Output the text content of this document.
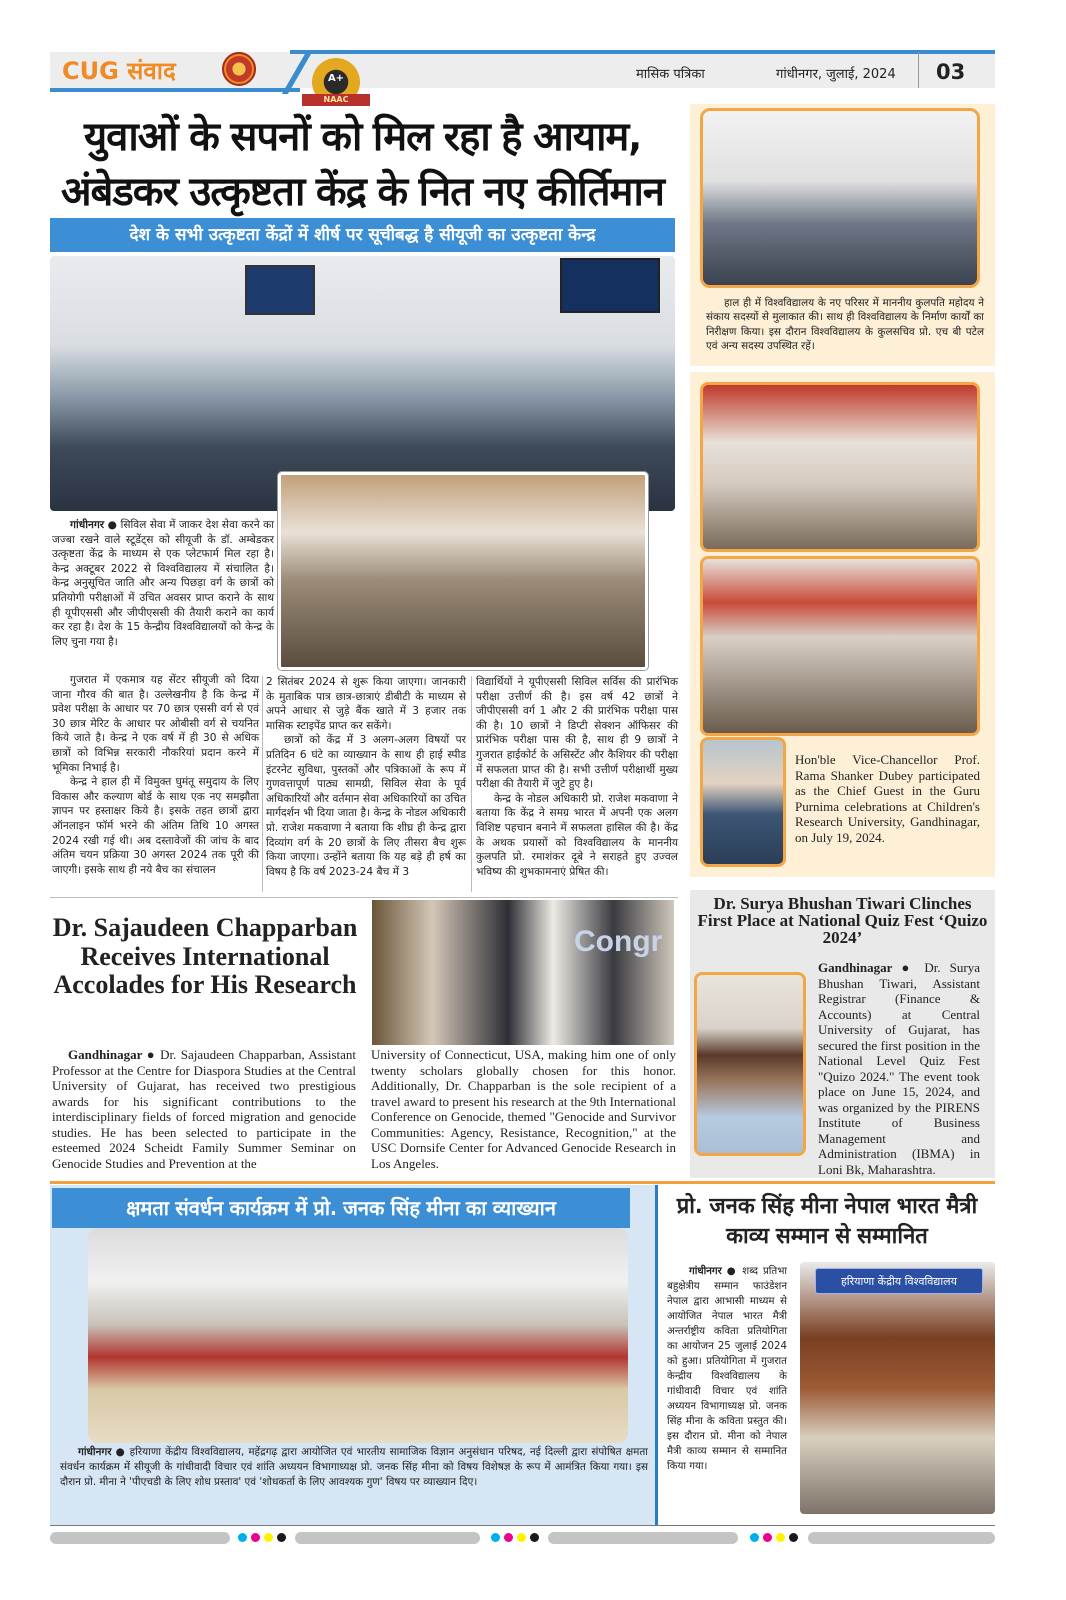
CUG संवाद	A+
NAAC
मासिक पत्रिका	गांधीनगर, जुलाई, 2024 03
युवाओं के सपनों को मिल रहा है आयाम,
अंबेडकर उत्कृष्टता केंद्र के नित नए कीर्तिमान
देश के सभी उत्कृष्टता केंद्रों में शीर्ष पर सूचीबद्ध है सीयूजी का उत्कृष्टता केन्द्र

गांधीनगर ● सिविल सेवा में जाकर देश सेवा करने का जज्बा रखने वाले स्टूडेंट्स को सीयूजी के डॉ. अम्बेडकर उत्कृष्टता केंद्र के माध्यम से एक प्लेटफार्म मिल रहा है। केन्द्र अक्टूबर 2022 से विश्वविद्यालय में संचालित है। केन्द्र अनुसूचित जाति और अन्य पिछड़ा वर्ग के छात्रों को प्रतियोगी परीक्षाओं में उचित अवसर प्राप्त कराने के साथ ही यूपीएससी और जीपीएससी की तैयारी कराने का कार्य कर रहा है। देश के 15 केन्द्रीय विश्वविद्यालयों को केन्द्र के लिए चुना गया है।

गुजरात में एकमात्र यह सेंटर सीयूजी को दिया जाना गौरव की बात है। उल्लेखनीय है कि केन्द्र में प्रवेश परीक्षा के आधार पर 70 छात्र एससी वर्ग से एवं 30 छात्र मेरिट के आधार पर ओबीसी वर्ग से चयनित किये जाते है। केन्द्र ने एक वर्ष में ही 30 से अधिक छात्रों को विभिन्न सरकारी नौकरियां प्रदान करने में भूमिका निभाई है।

केन्द्र ने हाल ही में विमुक्त घुमंतू समुदाय के लिए विकास और कल्याण बोर्ड के साथ एक नए समझौता ज्ञापन पर हस्ताक्षर किये है। इसके तहत छात्रों द्वारा ऑनलाइन फॉर्म भरने की अंतिम तिथि 10 अगस्त 2024 रखी गई थी। अब दस्तावेजों की जांच के बाद अंतिम चयन प्रक्रिया 30 अगस्त 2024 तक पूरी की जाएगी। इसके साथ ही नये बैच का संचालन

2 सितंबर 2024 से शुरू किया जाएगा। जानकारी के मुताबिक पात्र छात्र-छात्राएं डीबीटी के माध्यम से अपने आधार से जुड़े बैंक खाते में 3 हजार तक मासिक स्टाइपेंड प्राप्त कर सकेंगे।

छात्रों को केंद्र में 3 अलग-अलग विषयों पर प्रतिदिन 6 घंटे का व्याख्यान के साथ ही हाई स्पीड इंटरनेट सुविधा, पुस्तकों और पत्रिकाओं के रूप में गुणवत्तापूर्ण पाठ्य सामग्री, सिविल सेवा के पूर्व अधिकारियों और वर्तमान सेवा अधिकारियों का उचित मार्गदर्शन भी दिया जाता है। केन्द्र के नोडल अधिकारी प्रो. राजेश मकवाणा ने बताया कि शीघ्र ही केन्द्र द्वारा दिव्यांग वर्ग के 20 छात्रों के लिए तीसरा बैच शुरू किया जाएगा। उन्होंने बताया कि यह बड़े ही हर्ष का विषय है कि वर्ष 2023-24 बैच में 3

विद्यार्थियों ने यूपीएससी सिविल सर्विस की प्रारंभिक परीक्षा उत्तीर्ण की है। इस वर्ष 42 छात्रों ने जीपीएससी वर्ग 1 और 2 की प्रारंभिक परीक्षा पास की है। 10 छात्रों ने डिप्टी सेक्शन ऑफिसर की प्रारंभिक परीक्षा पास की है, साथ ही 9 छात्रों ने गुजरात हाईकोर्ट के असिस्टेंट और कैशियर की परीक्षा में सफलता प्राप्त की है। सभी उत्तीर्ण परीक्षार्थी मुख्य परीक्षा की तैयारी में जुटे हुए है।

केन्द्र के नोडल अधिकारी प्रो. राजेश मकवाणा ने बताया कि केंद्र ने समग्र भारत में अपनी एक अलग विशिष्ट पहचान बनाने में सफलता हासिल की है। केंद्र के अथक प्रयासों को विश्वविद्यालय के माननीय कुलपति प्रो. रमाशंकर दूबे ने सराहते हुए उज्वल भविष्य की शुभकामनाएं प्रेषित की।

हाल ही में विश्वविद्यालय के नए परिसर में माननीय कुलपति महोदय ने संकाय सदस्यों से मुलाकात की। साथ ही विश्वविद्यालय के निर्माण कार्यों का निरीक्षण किया। इस दौरान विश्वविद्यालय के कुलसचिव प्रो. एच बी पटेल एवं अन्य सदस्य उपस्थित रहें।
Hon'ble Vice-Chancellor Prof. Rama Shanker Dubey participated as the Chief Guest in the Guru Purnima celebrations at Children's Research University, Gandhinagar, on July 19, 2024.
Dr. Sajaudeen Chapparban Receives International Accolades for His Research
Congr
Gandhinagar ● Dr. Sajaudeen Chapparban, Assistant Professor at the Centre for Diaspora Studies at the Central University of Gujarat, has received two prestigious awards for his significant contributions to the interdisciplinary fields of forced migration and genocide studies. He has been selected to participate in the esteemed 2024 Scheidt Family Summer Seminar on Genocide Studies and Prevention at the
University of Connecticut, USA, making him one of only twenty scholars globally chosen for this honor. Additionally, Dr. Chapparban is the sole recipient of a travel award to present his research at the 9th International Conference on Genocide, themed "Genocide and Survivor Communities: Agency, Resistance, Recognition," at the USC Dornsife Center for Advanced Genocide Research in Los Angeles.
Dr. Surya Bhushan Tiwari Clinches First Place at National Quiz Fest ‘Quizo 2024’
Gandhinagar ● Dr. Surya Bhushan Tiwari, Assistant Registrar (Finance & Accounts) at Central University of Gujarat, has secured the first position in the National Level Quiz Fest "Quizo 2024." The event took place on June 15, 2024, and was organized by the PIRENS Institute of Business Management and Administration (IBMA) in Loni Bk, Maharashtra.
क्षमता संवर्धन कार्यक्रम में प्रो. जनक सिंह मीना का व्याख्यान
गांधीनगर ● हरियाणा केंद्रीय विश्वविद्यालय, महेंद्रगढ़ द्वारा आयोजित एवं भारतीय सामाजिक विज्ञान अनुसंधान परिषद, नई दिल्ली द्वारा संपोषित क्षमता संवर्धन कार्यक्रम में सीयूजी के गांधीवादी विचार एवं शांति अध्ययन विभागाध्यक्ष प्रो. जनक सिंह मीना को विषय विशेषज्ञ के रूप में आमंत्रित किया गया। इस दौरान प्रो. मीना ने 'पीएचडी के लिए शोध प्रस्ताव' एवं 'शोधकर्ता के लिए आवश्यक गुण' विषय पर व्याख्यान दिए।
प्रो. जनक सिंह मीना नेपाल भारत मैत्री काव्य सम्मान से सम्मानित
गांधीनगर ● शब्द प्रतिभा बहुक्षेत्रीय सम्मान फाउंडेशन नेपाल द्वारा आभासी माध्यम से आयोजित नेपाल भारत मैत्री अन्तर्राष्ट्रीय कविता प्रतियोगिता का आयोजन 25 जुलाई 2024 को हुआ। प्रतियोगिता में गुजरात केन्द्रीय विश्वविद्यालय के गांधीवादी विचार एवं शांति अध्ययन विभागाध्यक्ष प्रो. जनक सिंह मीना के कविता प्रस्तुत की। इस दौरान प्रो. मीना को नेपाल मैत्री काव्य सम्मान से सम्मानित किया गया।
हरियाणा केंद्रीय विश्वविद्यालय
